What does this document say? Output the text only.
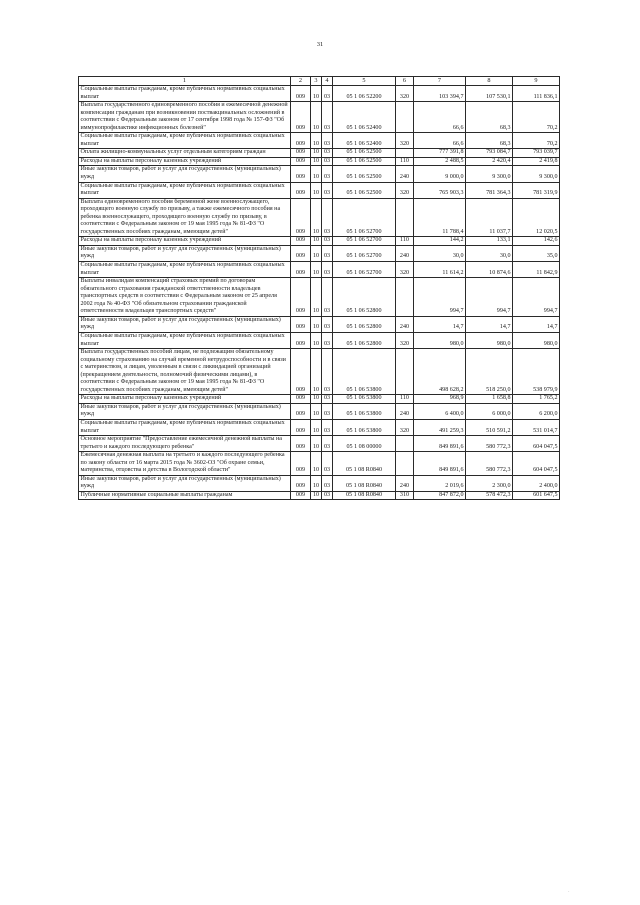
31
1	2	3	4	5	6	7	8	9
Социальные выплаты гражданам, кроме публичных нормативных социальных выплат	009	10	03	05 1 06 52200	320	103 394,7	107 530,1	111 836,1
Выплата государственного единовременного пособия и ежемесячной денежной компенсации гражданам при возникновении поствакцинальных осложнений в соответствии с Федеральным законом от 17 сентября 1998 года № 157-ФЗ "Об иммунопрофилактике инфекционных болезней"	009	10	03	05 1 06 52400		66,6	68,3	70,2
Социальные выплаты гражданам, кроме публичных нормативных социальных выплат	009	10	03	05 1 06 52400	320	66,6	68,3	70,2
Оплата жилищно-коммунальных услуг отдельным категориям граждан	009	10	03	05 1 06 52500		777 391,8	793 084,7	793 039,7
Расходы на выплаты персоналу казенных учреждений	009	10	03	05 1 06 52500	110	2 488,5	2 420,4	2 419,8
Иные закупки товаров, работ и услуг для государственных (муниципальных) нужд	009	10	03	05 1 06 52500	240	9 000,0	9 300,0	9 300,0
Социальные выплаты гражданам, кроме публичных нормативных социальных выплат	009	10	03	05 1 06 52500	320	765 903,3	781 364,3	781 319,9
Выплата единовременного пособия беременной жене военнослужащего, проходящего военную службу по призыву, а также ежемесячного пособия на ребенка военнослужащего, проходящего военную службу по призыву, в соответствии с Федеральным законом от 19 мая 1995 года № 81-ФЗ "О государственных пособиях гражданам, имеющим детей"	009	10	03	05 1 06 52700		11 788,4	11 037,7	12 020,5
Расходы на выплаты персоналу казенных учреждений	009	10	03	05 1 06 52700	110	144,2	133,1	142,6
Иные закупки товаров, работ и услуг для государственных (муниципальных) нужд	009	10	03	05 1 06 52700	240	30,0	30,0	35,0
Социальные выплаты гражданам, кроме публичных нормативных социальных выплат	009	10	03	05 1 06 52700	320	11 614,2	10 874,6	11 842,9
Выплаты инвалидам компенсаций страховых премий по договорам обязательного страхования гражданской ответственности владельцев транспортных средств в соответствии с Федеральным законом от 25 апреля 2002 года № 40-ФЗ "Об обязательном страховании гражданской ответственности владельцев транспортных средств"	009	10	03	05 1 06 52800		994,7	994,7	994,7
Иные закупки товаров, работ и услуг для государственных (муниципальных) нужд	009	10	03	05 1 06 52800	240	14,7	14,7	14,7
Социальные выплаты гражданам, кроме публичных нормативных социальных выплат	009	10	03	05 1 06 52800	320	980,0	980,0	980,0
Выплата государственных пособий лицам, не подлежащим обязательному социальному страхованию на случай временной нетрудоспособности и в связи с материнством, и лицам, уволенным в связи с ликвидацией организаций (прекращением деятельности, полномочий физическими лицами), в соответствии с Федеральным законом от 19 мая 1995 года № 81-ФЗ "О государственных пособиях гражданам, имеющим детей"	009	10	03	05 1 06 53800		498 628,2	518 250,0	538 979,9
Расходы на выплаты персоналу казенных учреждений	009	10	03	05 1 06 53800	110	968,9	1 658,8	1 765,2
Иные закупки товаров, работ и услуг для государственных (муниципальных) нужд	009	10	03	05 1 06 53800	240	6 400,0	6 000,0	6 200,0
Социальные выплаты гражданам, кроме публичных нормативных социальных выплат	009	10	03	05 1 06 53800	320	491 259,3	510 591,2	531 014,7
Основное мероприятие "Предоставление ежемесячной денежной выплаты на третьего и каждого последующего ребенка"	009	10	03	05 1 08 00000		849 891,6	580 772,3	604 047,5
Ежемесячная денежная выплата на третьего и каждого последующего ребенка по закону области от 16 марта 2015 года № 3602-ОЗ "Об охране семьи, материнства, отцовства и детства в Вологодской области"	009	10	03	05 1 08 R0840		849 891,6	580 772,3	604 047,5
Иные закупки товаров, работ и услуг для государственных (муниципальных) нужд	009	10	03	05 1 08 R0840	240	2 019,6	2 300,0	2 400,0
Публичные нормативные социальные выплаты гражданам	009	10	03	05 1 08 R0840	310	847 872,0	578 472,3	601 647,5
·
